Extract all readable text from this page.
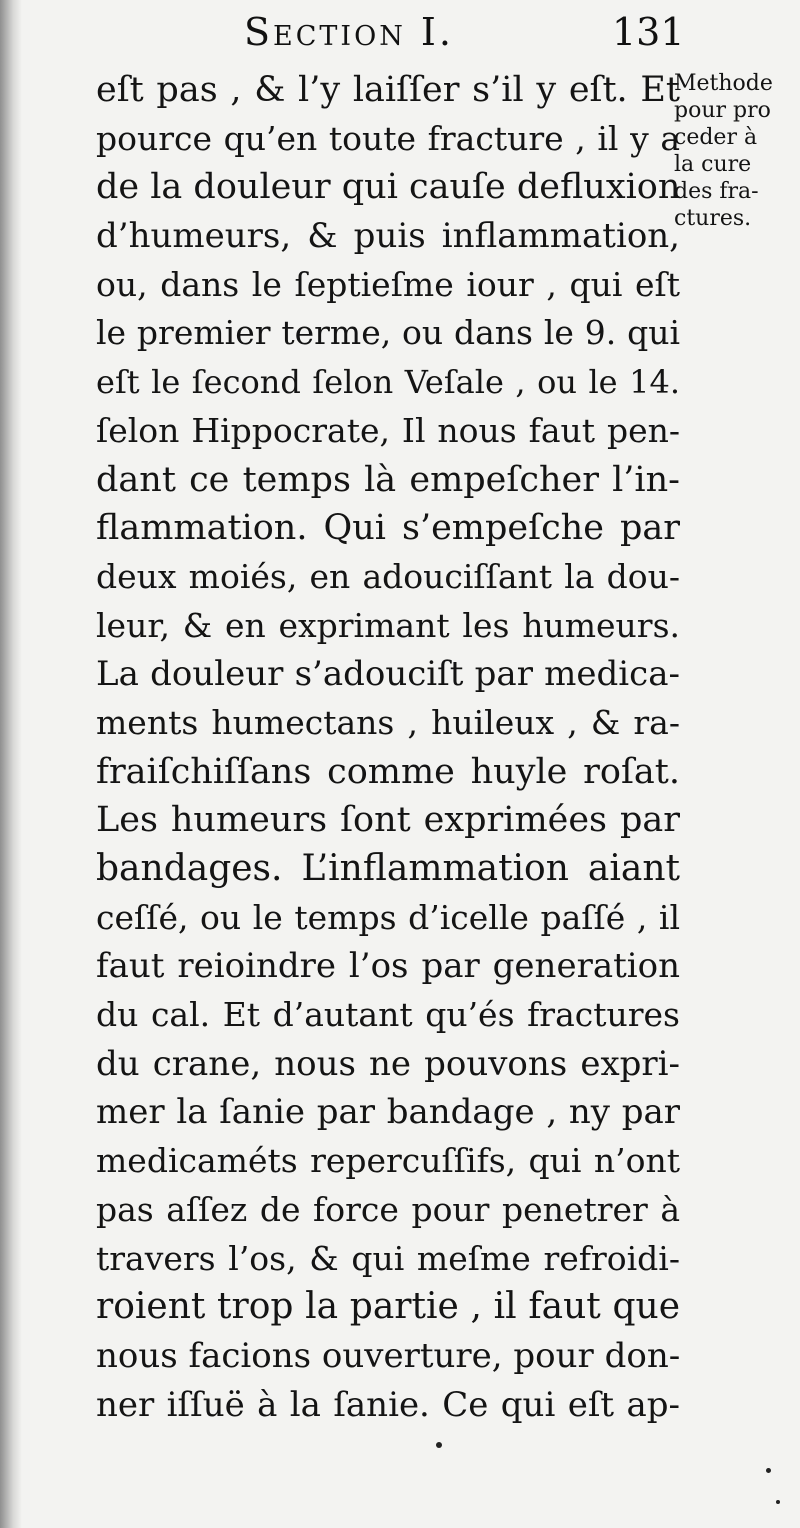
Section I.	131
Methode
pour pro
ceder à
la cure
des fra-
ctures.
eſt pas , & l’y laiſſer s’il y eſt. Et
pource qu’en toute fracture , il y a
de la douleur qui cauſe defluxion
d’humeurs, & puis inflammation,
ou, dans le ſeptieſme iour , qui eſt
le premier terme, ou dans le 9. qui
eſt le ſecond ſelon Veſale , ou le 14.
ſelon Hippocrate, Il nous faut pen-
dant ce temps là empeſcher l’in-
flammation. Qui s’empeſche par
deux moiés, en adouciſſant la dou-
leur, & en exprimant les humeurs.
La douleur s’adouciſt par medica-
ments humectans , huileux , & ra-
fraiſchiſſans comme huyle roſat.
Les humeurs ſont exprimées par
bandages. L’inflammation aiant
ceſſé, ou le temps d’icelle paſſé , il
faut reioindre l’os par generation
du cal. Et d’autant qu’és fractures
du crane, nous ne pouvons expri-
mer la ſanie par bandage , ny par
medicaméts repercuſſifs, qui n’ont
pas aſſez de force pour penetrer à
travers l’os, & qui meſme refroidi-
roient trop la partie , il faut que
nous facions ouverture, pour don-
ner iſſuë à la ſanie. Ce qui eſt ap-
